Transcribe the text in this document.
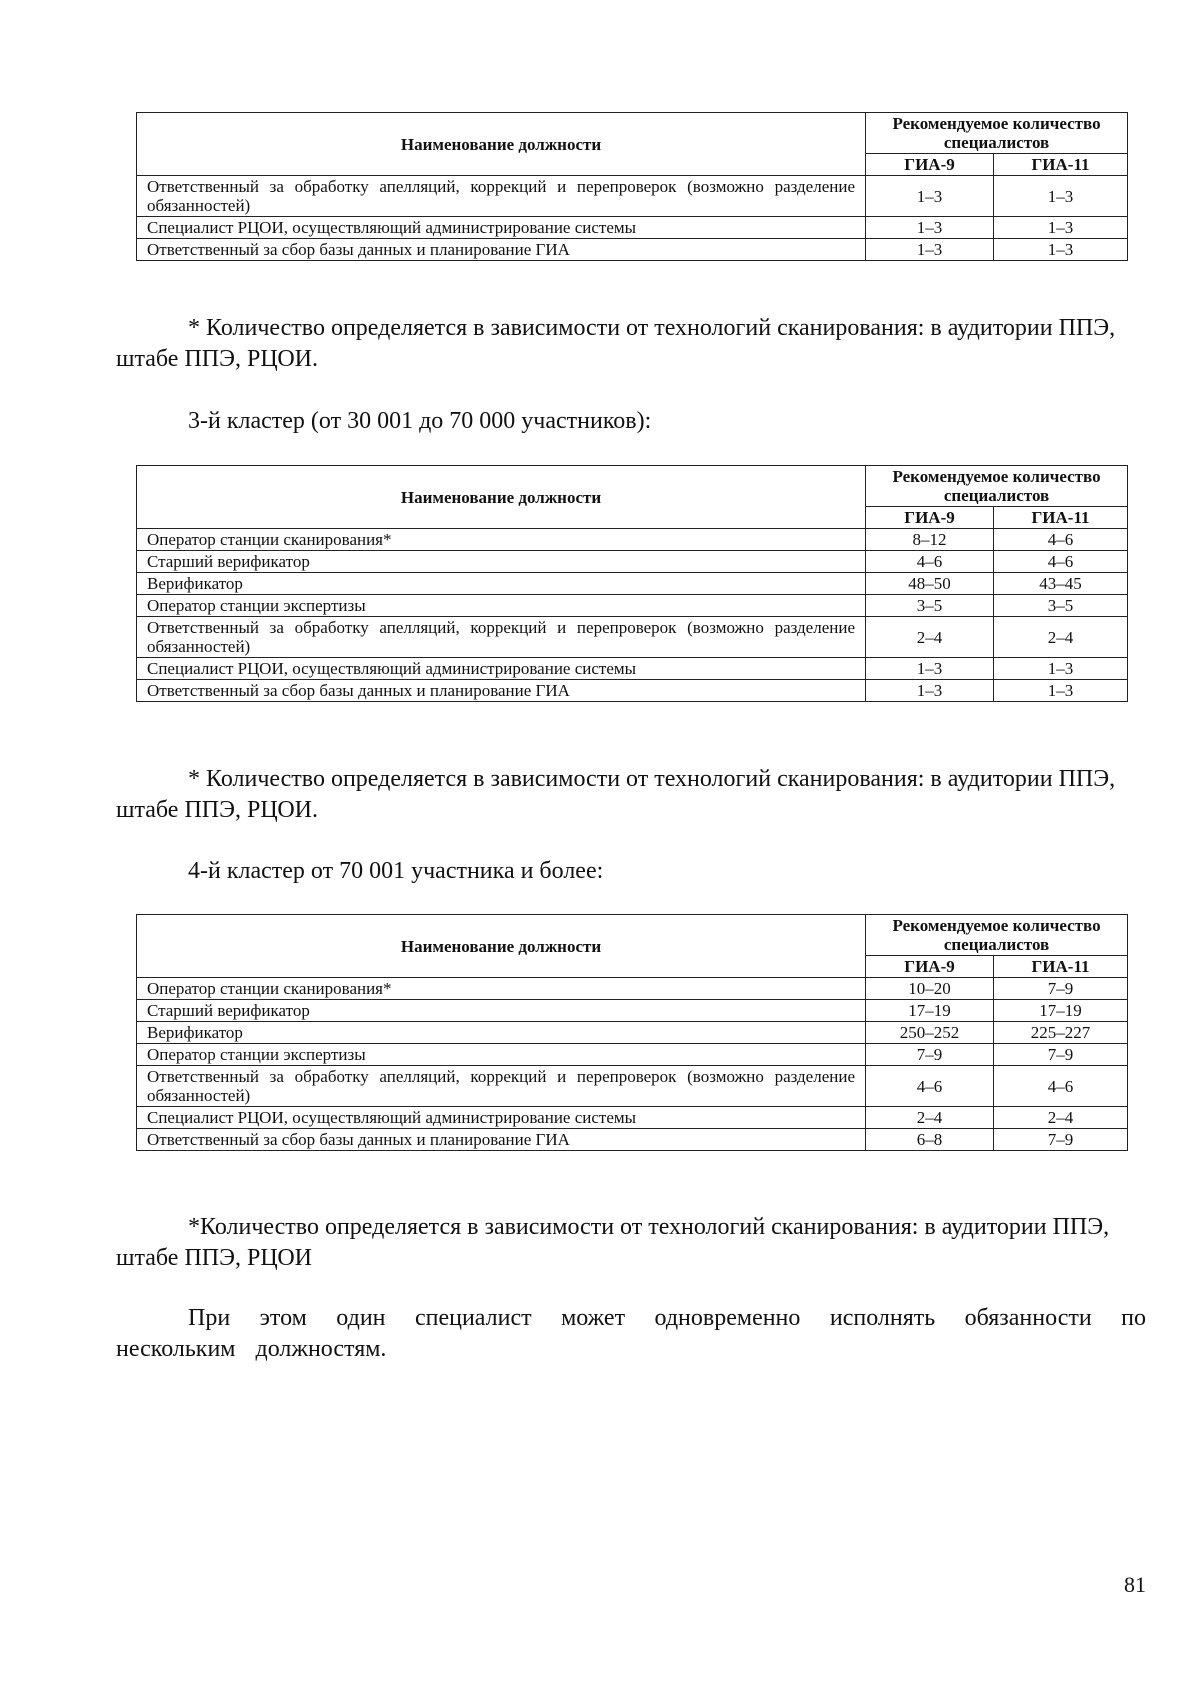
Наименование должности	Рекомендуемое количество специалистов	
	ГИА-9	ГИА-11
Ответственный за обработку апелляций, коррекций и перепроверок (возможно разделение обязанностей)	1–3	1–3
Специалист РЦОИ, осуществляющий администрирование системы	1–3	1–3
Ответственный за сбор базы данных и планирование ГИА	1–3	1–3

* Количество определяется в зависимости от технологий сканирования: в аудитории ППЭ, штабе ППЭ, РЦОИ.

3-й кластер (от 30 001 до 70 000 участников):

Наименование должности	Рекомендуемое количество специалистов	
	ГИА-9	ГИА-11
Оператор станции сканирования*	8–12	4–6
Старший верификатор	4–6	4–6
Верификатор	48–50	43–45
Оператор станции экспертизы	3–5	3–5
Ответственный за обработку апелляций, коррекций и перепроверок (возможно разделение обязанностей)	2–4	2–4
Специалист РЦОИ, осуществляющий администрирование системы	1–3	1–3
Ответственный за сбор базы данных и планирование ГИА	1–3	1–3

* Количество определяется в зависимости от технологий сканирования: в аудитории ППЭ, штабе ППЭ, РЦОИ.

4-й кластер от 70 001 участника и более:

Наименование должности	Рекомендуемое количество специалистов	
	ГИА-9	ГИА-11
Оператор станции сканирования*	10–20	7–9
Старший верификатор	17–19	17–19
Верификатор	250–252	225–227
Оператор станции экспертизы	7–9	7–9
Ответственный за обработку апелляций, коррекций и перепроверок (возможно разделение обязанностей)	4–6	4–6
Специалист РЦОИ, осуществляющий администрирование системы	2–4	2–4
Ответственный за сбор базы данных и планирование ГИА	6–8	7–9

*Количество определяется в зависимости от технологий сканирования: в аудитории ППЭ, штабе ППЭ, РЦОИ

При этом один специалист может одновременно исполнять обязанности по нескольким должностям.

81
